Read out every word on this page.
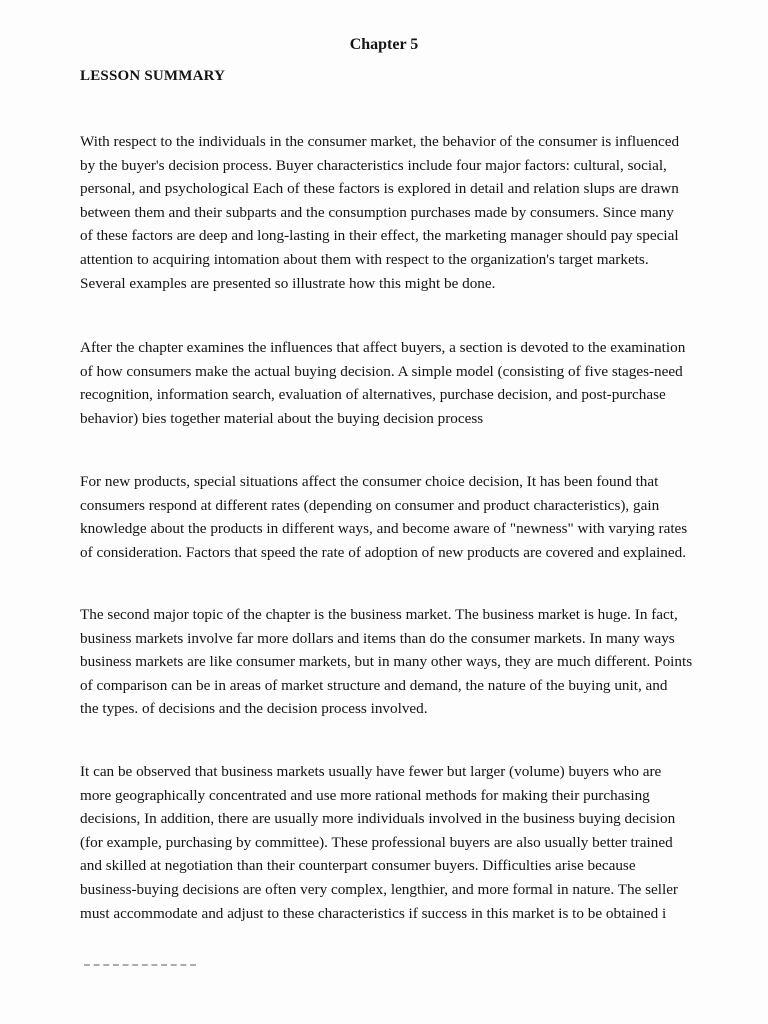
Chapter 5
LESSON SUMMARY

With respect to the individuals in the consumer market, the behavior of the consumer is influenced
by the buyer's decision process. Buyer characteristics include four major factors: cultural, social,
personal, and psychological Each of these factors is explored in detail and relation slups are drawn
between them and their subparts and the consumption purchases made by consumers. Since many
of these factors are deep and long-lasting in their effect, the marketing manager should pay special
attention to acquiring intomation about them with respect to the organization's target markets.
Several examples are presented so illustrate how this might be done.

After the chapter examines the influences that affect buyers, a section is devoted to the examination
of how consumers make the actual buying decision. A simple model (consisting of five stages-need
recognition, information search, evaluation of alternatives, purchase decision, and post-purchase
behavior) bies together material about the buying decision process

For new products, special situations affect the consumer choice decision, It has been found that
consumers respond at different rates (depending on consumer and product characteristics), gain
knowledge about the products in different ways, and become aware of "newness" with varying rates
of consideration. Factors that speed the rate of adoption of new products are covered and explained.

The second major topic of the chapter is the business market. The business market is huge. In fact,
business markets involve far more dollars and items than do the consumer markets. In many ways
business markets are like consumer markets, but in many other ways, they are much different. Points
of comparison can be in areas of market structure and demand, the nature of the buying unit, and
the types. of decisions and the decision process involved.

It can be observed that business markets usually have fewer but larger (volume) buyers who are
more geographically concentrated and use more rational methods for making their purchasing
decisions, In addition, there are usually more individuals involved in the business buying decision
(for example, purchasing by committee). These professional buyers are also usually better trained
and skilled at negotiation than their counterpart consumer buyers. Difficulties arise because
business-buying decisions are often very complex, lengthier, and more formal in nature. The seller
must accommodate and adjust to these characteristics if success in this market is to be obtained i
